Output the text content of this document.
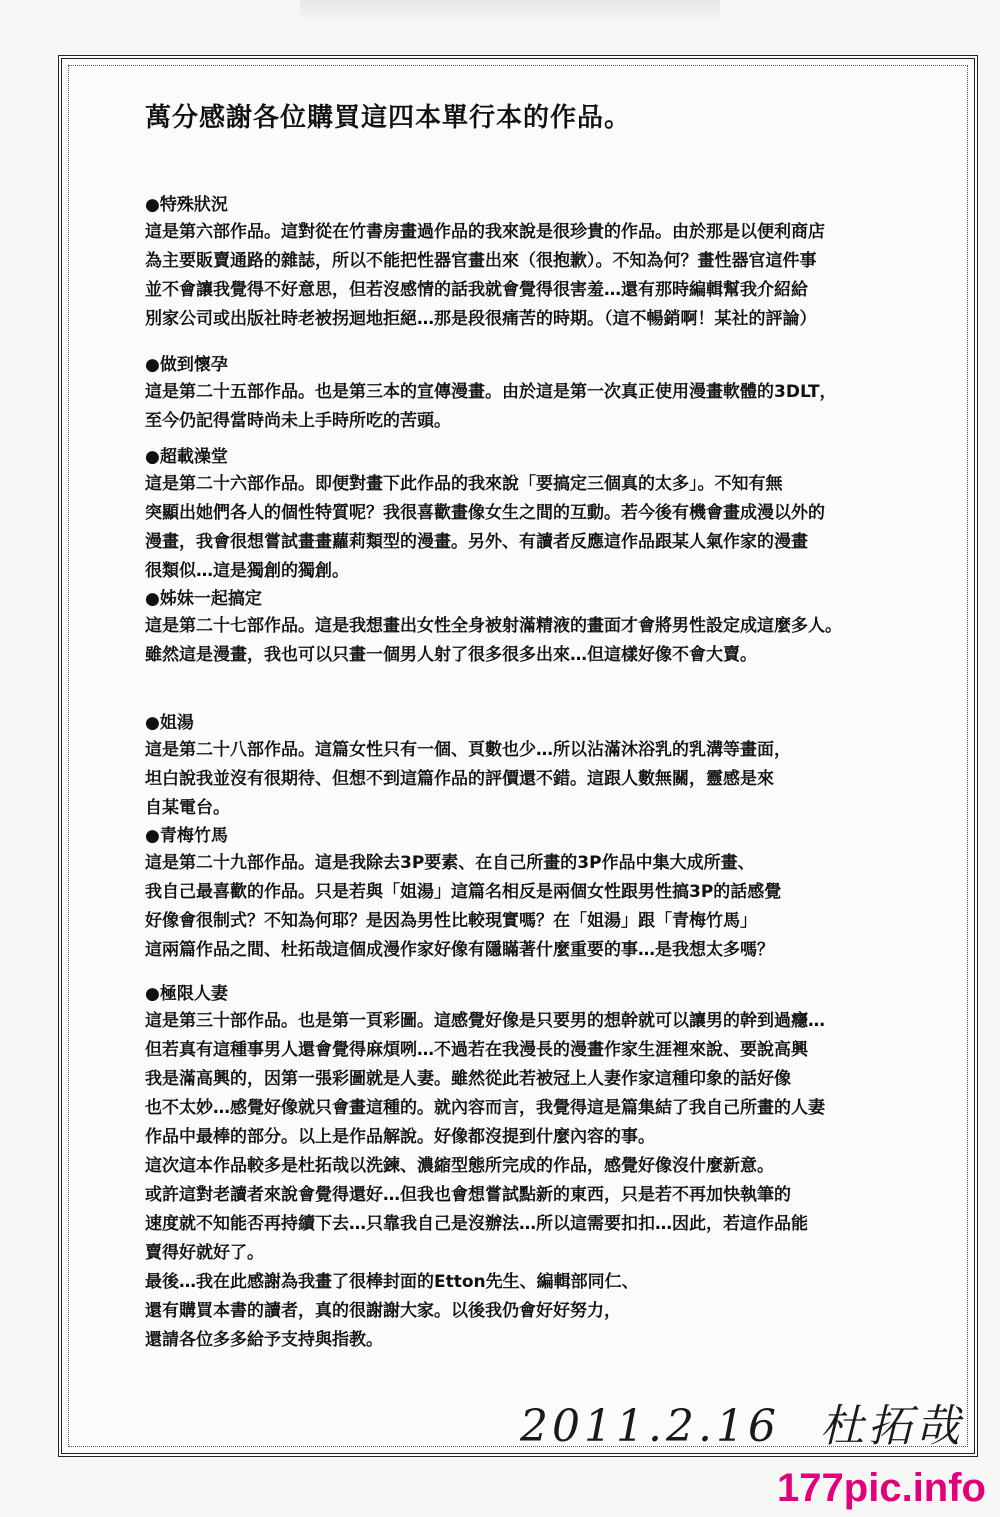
萬分感謝各位購買這四本單行本的作品。
●特殊狀況
這是第六部作品。這對從在竹書房畫過作品的我來說是很珍貴的作品。由於那是以便利商店
為主要販賣通路的雜誌，所以不能把性器官畫出來（很抱歉）。不知為何？畫性器官這件事
並不會讓我覺得不好意思，但若沒感情的話我就會覺得很害羞…還有那時編輯幫我介紹給
別家公司或出版社時老被拐迴地拒絕…那是段很痛苦的時期。（這不暢銷啊！某社的評論）
●做到懷孕
這是第二十五部作品。也是第三本的宣傳漫畫。由於這是第一次真正使用漫畫軟體的3DLT，
至今仍記得當時尚未上手時所吃的苦頭。
●超載澡堂
這是第二十六部作品。即便對畫下此作品的我來說「要搞定三個真的太多」。不知有無
突顯出她們各人的個性特質呢？我很喜歡畫像女生之間的互動。若今後有機會畫成漫以外的
漫畫，我會很想嘗試畫畫蘿莉類型的漫畫。另外、有讀者反應這作品跟某人氣作家的漫畫
很類似…這是獨創的獨創。
●姊妹一起搞定
這是第二十七部作品。這是我想畫出女性全身被射滿精液的畫面才會將男性設定成這麼多人。
雖然這是漫畫，我也可以只畫一個男人射了很多很多出來…但這樣好像不會大賣。
●姐湯
這是第二十八部作品。這篇女性只有一個、頁數也少…所以沾滿沐浴乳的乳溝等畫面，
坦白說我並沒有很期待、但想不到這篇作品的評價還不錯。這跟人數無關，靈感是來
自某電台。
●青梅竹馬
這是第二十九部作品。這是我除去3P要素、在自己所畫的3P作品中集大成所畫、
我自己最喜歡的作品。只是若與「姐湯」這篇名相反是兩個女性跟男性搞3P的話感覺
好像會很制式？不知為何耶？是因為男性比較現實嗎？在「姐湯」跟「青梅竹馬」
這兩篇作品之間、杜拓哉這個成漫作家好像有隱瞞著什麼重要的事…是我想太多嗎？
●極限人妻
這是第三十部作品。也是第一頁彩圖。這感覺好像是只要男的想幹就可以讓男的幹到過癮…
但若真有這種事男人還會覺得麻煩咧…不過若在我漫長的漫畫作家生涯裡來說、要說高興
我是滿高興的，因第一張彩圖就是人妻。雖然從此若被冠上人妻作家這種印象的話好像
也不太妙…感覺好像就只會畫這種的。就內容而言，我覺得這是篇集結了我自己所畫的人妻
作品中最棒的部分。以上是作品解說。好像都沒提到什麼內容的事。
這次這本作品較多是杜拓哉以洗鍊、濃縮型態所完成的作品，感覺好像沒什麼新意。
或許這對老讀者來說會覺得還好…但我也會想嘗試點新的東西，只是若不再加快執筆的
速度就不知能否再持續下去…只靠我自己是沒辦法…所以這需要扣扣…因此，若這作品能
賣得好就好了。
最後…我在此感謝為我畫了很棒封面的Etton先生、編輯部同仁、
還有購買本書的讀者，真的很謝謝大家。以後我仍會好好努力，
還請各位多多給予支持與指教。
2011.2.16 杜拓哉
177pic.info
